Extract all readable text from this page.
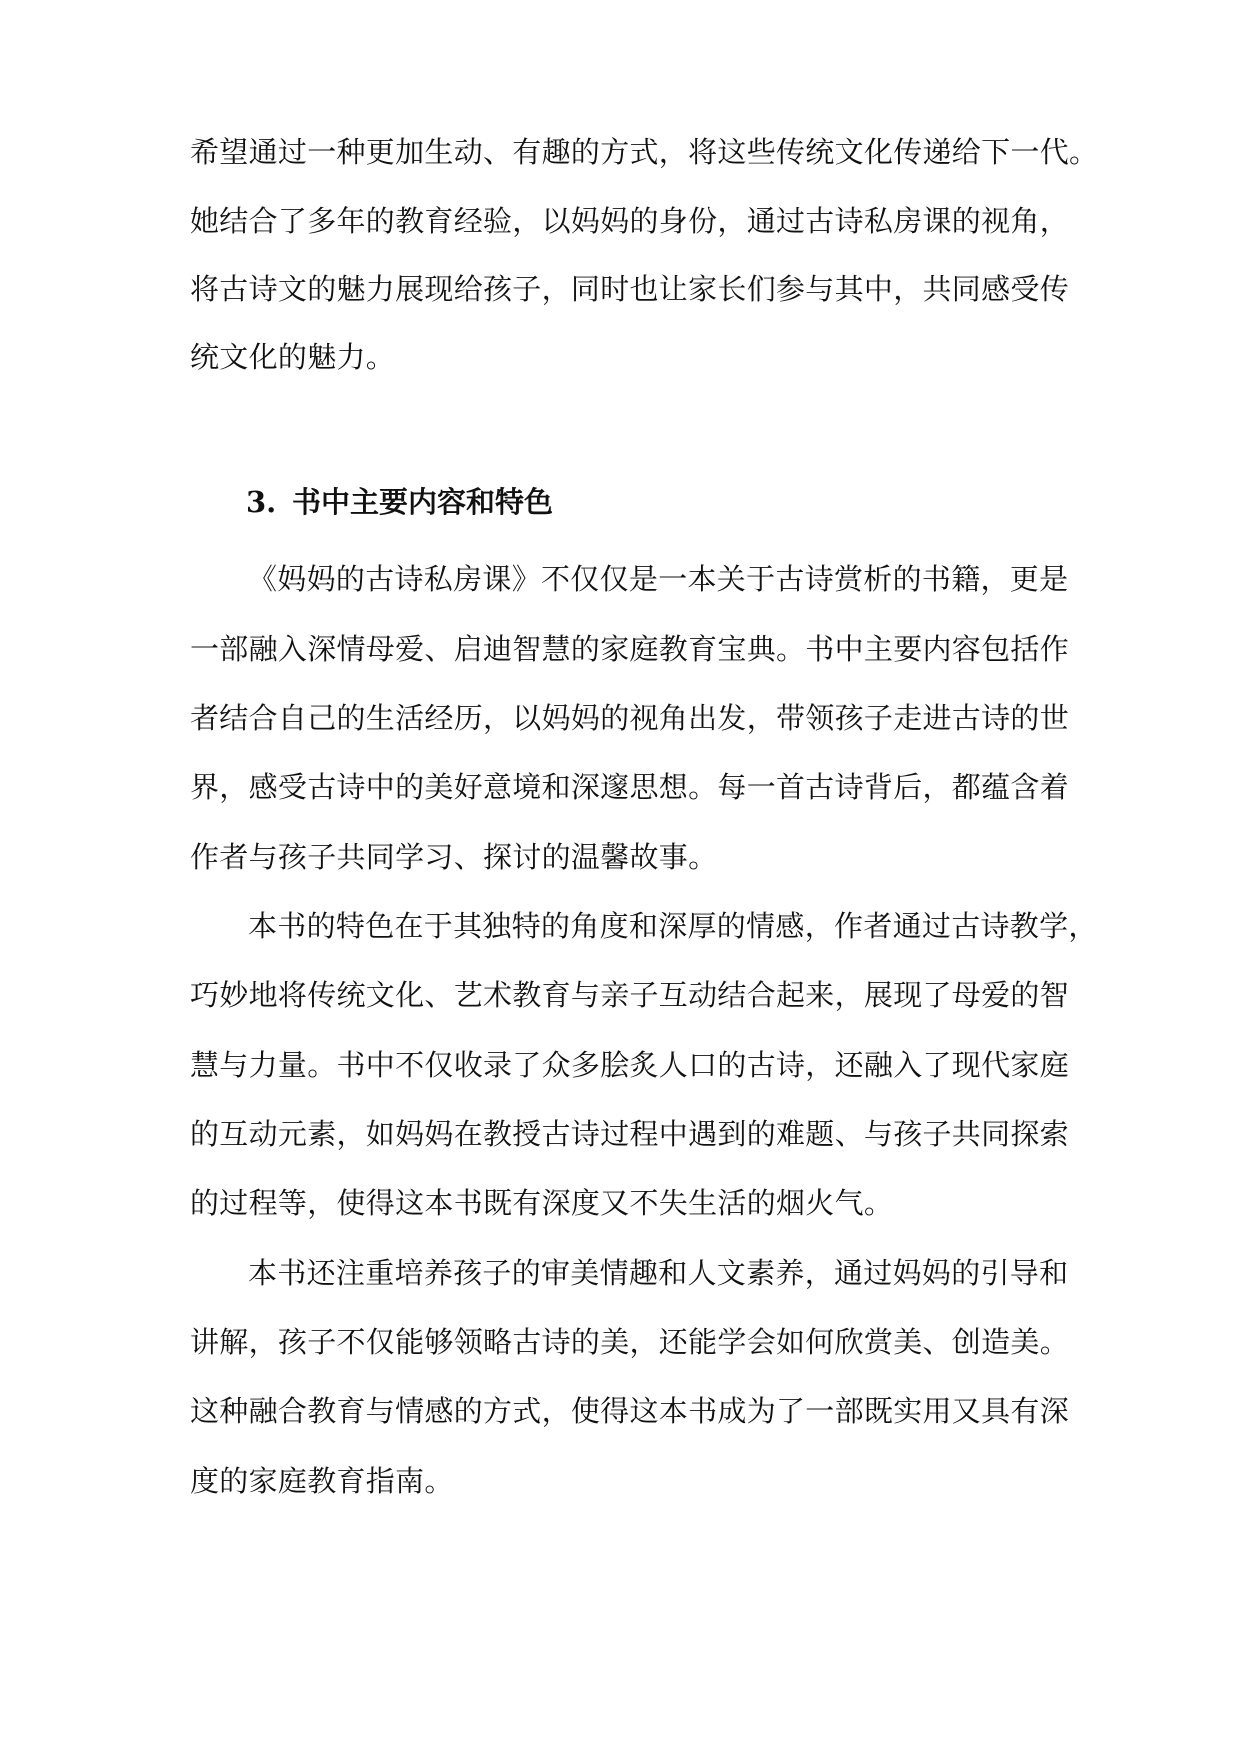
希望通过一种更加生动、有趣的方式，将这些传统文化传递给下一代。
她结合了多年的教育经验，以妈妈的身份，通过古诗私房课的视角，
将古诗文的魅力展现给孩子，同时也让家长们参与其中，共同感受传
统文化的魅力。
3. 书中主要内容和特色
《妈妈的古诗私房课》不仅仅是一本关于古诗赏析的书籍，更是
一部融入深情母爱、启迪智慧的家庭教育宝典。书中主要内容包括作
者结合自己的生活经历，以妈妈的视角出发，带领孩子走进古诗的世
界，感受古诗中的美好意境和深邃思想。每一首古诗背后，都蕴含着
作者与孩子共同学习、探讨的温馨故事。
本书的特色在于其独特的角度和深厚的情感，作者通过古诗教学，
巧妙地将传统文化、艺术教育与亲子互动结合起来，展现了母爱的智
慧与力量。书中不仅收录了众多脍炙人口的古诗，还融入了现代家庭
的互动元素，如妈妈在教授古诗过程中遇到的难题、与孩子共同探索
的过程等，使得这本书既有深度又不失生活的烟火气。
本书还注重培养孩子的审美情趣和人文素养，通过妈妈的引导和
讲解，孩子不仅能够领略古诗的美，还能学会如何欣赏美、创造美。
这种融合教育与情感的方式，使得这本书成为了一部既实用又具有深
度的家庭教育指南。
